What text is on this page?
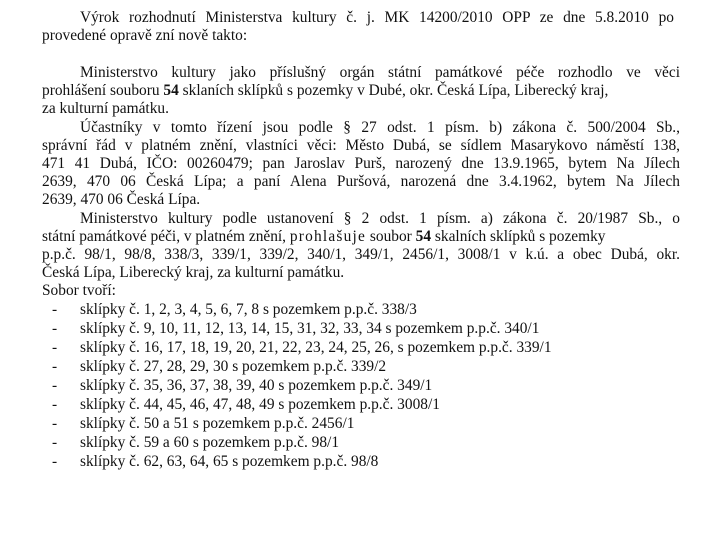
Výrok rozhodnutí Ministerstva kultury č. j. MK 14200/2010 OPP ze dne 5.8.2010 po
provedené opravě zní nově takto:
Ministerstvo kultury jako příslušný orgán státní památkové péče rozhodlo ve věci
prohlášení souboru 54 sklaních sklípků s pozemky v Dubé, okr. Česká Lípa, Liberecký kraj,
za kulturní památku.
Účastníky v tomto řízení jsou podle § 27 odst. 1 písm. b) zákona č. 500/2004 Sb.,
správní řád v platném znění, vlastníci věci: Město Dubá, se sídlem Masarykovo náměstí 138,
471 41 Dubá, IČO: 00260479; pan Jaroslav Purš, narozený dne 13.9.1965, bytem Na Jílech
2639, 470 06 Česká Lípa; a paní Alena Puršová, narozená dne 3.4.1962, bytem Na Jílech
2639, 470 06 Česká Lípa.
Ministerstvo kultury podle ustanovení § 2 odst. 1 písm. a) zákona č. 20/1987 Sb., o
státní památkové péči, v platném znění, prohlašuje soubor 54 skalních sklípků s pozemky
p.p.č. 98/1, 98/8, 338/3, 339/1, 339/2, 340/1, 349/1, 2456/1, 3008/1 v k.ú. a obec Dubá, okr.
Česká Lípa, Liberecký kraj, za kulturní památku.
Sobor tvoří:
- sklípky č. 1, 2, 3, 4, 5, 6, 7, 8 s pozemkem p.p.č. 338/3
- sklípky č. 9, 10, 11, 12, 13, 14, 15, 31, 32, 33, 34 s pozemkem p.p.č. 340/1
- sklípky č. 16, 17, 18, 19, 20, 21, 22, 23, 24, 25, 26, s pozemkem p.p.č. 339/1
- sklípky č. 27, 28, 29, 30 s pozemkem p.p.č. 339/2
- sklípky č. 35, 36, 37, 38, 39, 40 s pozemkem p.p.č. 349/1
- sklípky č. 44, 45, 46, 47, 48, 49 s pozemkem p.p.č. 3008/1
- sklípky č. 50 a 51 s pozemkem p.p.č. 2456/1
- sklípky č. 59 a 60 s pozemkem p.p.č. 98/1
- sklípky č. 62, 63, 64, 65 s pozemkem p.p.č. 98/8
